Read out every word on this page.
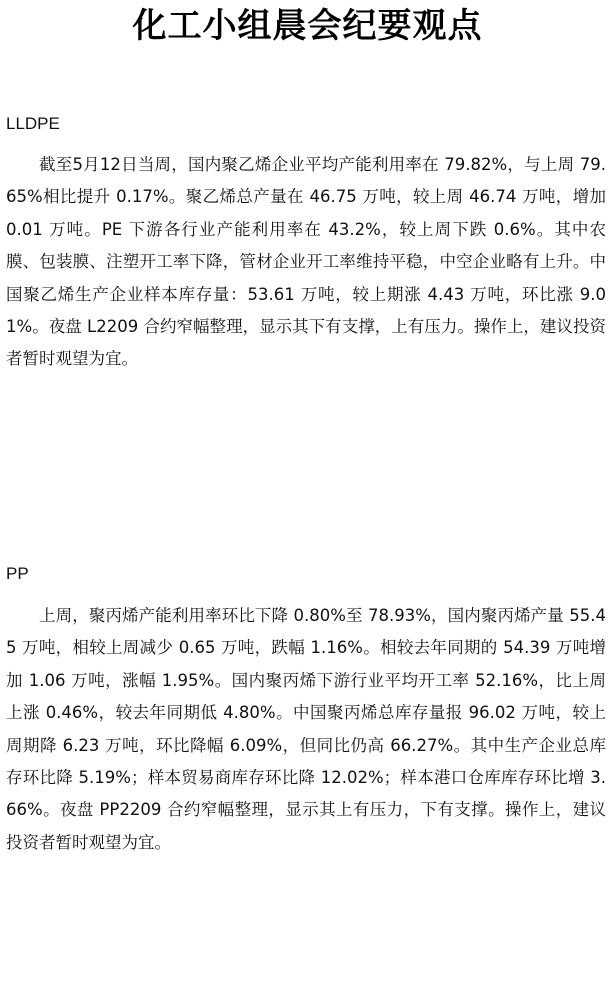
化工小组晨会纪要观点
LLDPE

截至5月12日当周，国内聚乙烯企业平均产能利用率在 79.82%，与上周 79.65%相比提升 0.17%。聚乙烯总产量在 46.75 万吨，较上周 46.74 万吨，增加 0.01 万吨。PE 下游各行业产能利用率在 43.2%，较上周下跌 0.6%。其中农膜、包装膜、注塑开工率下降，管材企业开工率维持平稳，中空企业略有上升。中国聚乙烯生产企业样本库存量：53.61 万吨，较上期涨 4.43 万吨，环比涨 9.01%。夜盘 L2209 合约窄幅整理，显示其下有支撑，上有压力。操作上，建议投资者暂时观望为宜。

PP

上周，聚丙烯产能利用率环比下降 0.80%至 78.93%，国内聚丙烯产量 55.45 万吨，相较上周减少 0.65 万吨，跌幅 1.16%。相较去年同期的 54.39 万吨增加 1.06 万吨，涨幅 1.95%。国内聚丙烯下游行业平均开工率 52.16%，比上周上涨 0.46%，较去年同期低 4.80%。中国聚丙烯总库存量报 96.02 万吨，较上周期降 6.23 万吨，环比降幅 6.09%，但同比仍高 66.27%。其中生产企业总库存环比降 5.19%；样本贸易商库存环比降 12.02%；样本港口仓库库存环比增 3.66%。夜盘 PP2209 合约窄幅整理，显示其上有压力，下有支撑。操作上，建议投资者暂时观望为宜。
